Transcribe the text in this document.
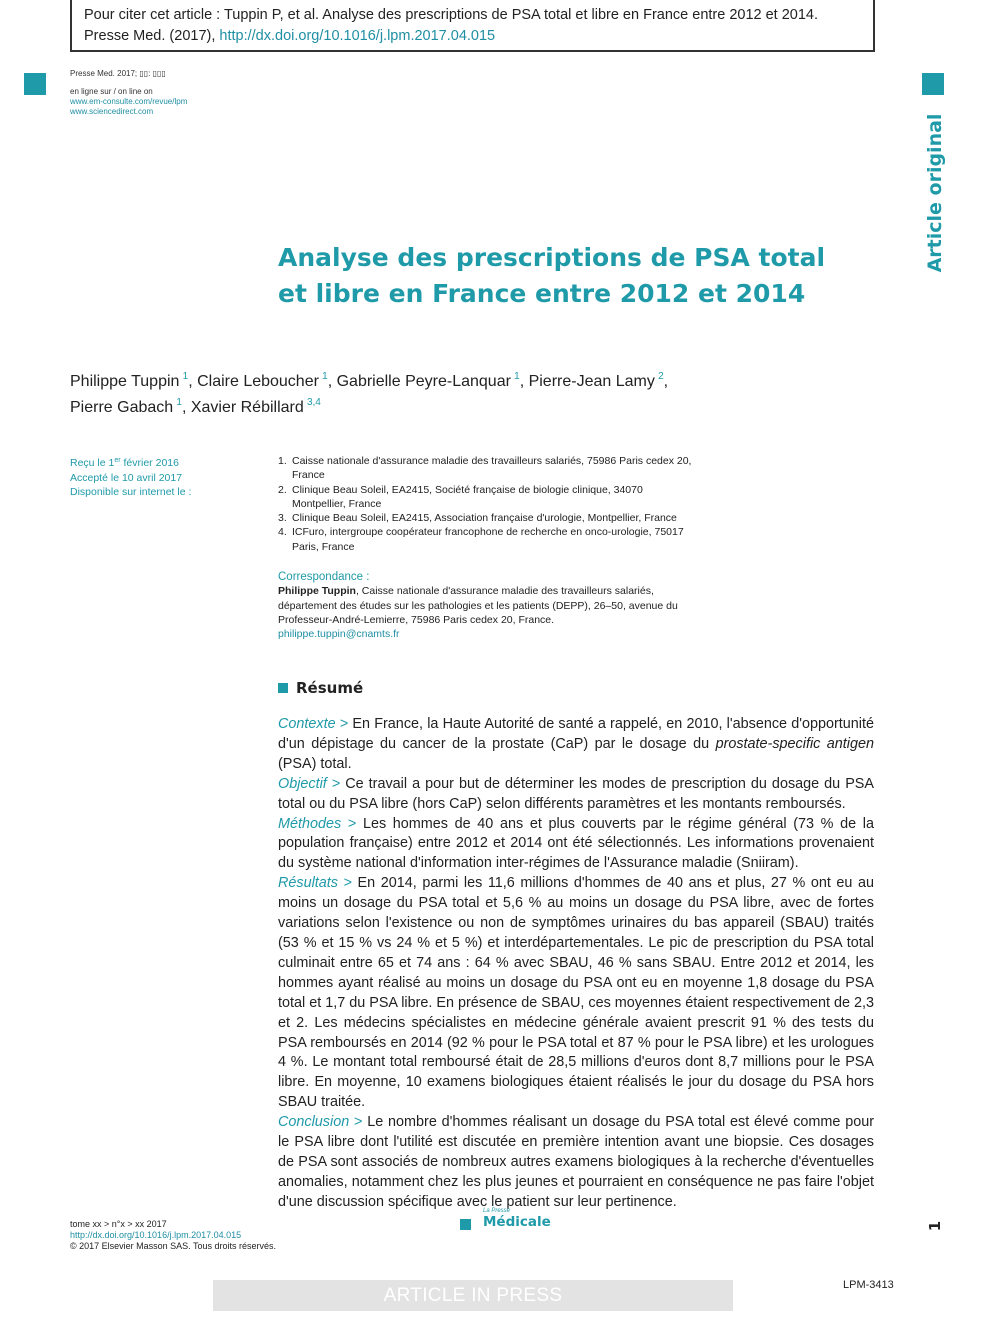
Pour citer cet article : Tuppin P, et al. Analyse des prescriptions de PSA total et libre en France entre 2012 et 2014. Presse Med. (2017), http://dx.doi.org/10.1016/j.lpm.2017.04.015
Presse Med. 2017; ▯▯: ▯▯▯
en ligne sur / on line on
www.em-consulte.com/revue/lpm
www.sciencedirect.com
Article original
Analyse des prescriptions de PSA total et libre en France entre 2012 et 2014
Philippe Tuppin  $^1$, Claire Leboucher  $^1$, Gabrielle Peyre-Lanquar  $^1$, Pierre-Jean Lamy  $^2$,
Pierre Gabach  $^1$, Xavier Rébillard  $^{3,4}$
Reçu le 1er février 2016
Accepté le 10 avril 2017
Disponible sur internet le :
1. Caisse nationale d'assurance maladie des travailleurs salariés, 75986 Paris cedex 20, France
2. Clinique Beau Soleil, EA2415, Société française de biologie clinique, 34070 Montpellier, France
3. Clinique Beau Soleil, EA2415, Association française d'urologie, Montpellier, France
4. ICFuro, intergroupe coopérateur francophone de recherche en onco-urologie, 75017 Paris, France
Correspondance :
Philippe Tuppin, Caisse nationale d'assurance maladie des travailleurs salariés, département des études sur les pathologies et les patients (DEPP), 26–50, avenue du Professeur-André-Lemierre, 75986 Paris cedex 20, France.
philippe.tuppin@cnamts.fr
Résumé
Contexte > En France, la Haute Autorité de santé a rappelé, en 2010, l'absence d'opportunité d'un dépistage du cancer de la prostate (CaP) par le dosage du prostate-specific antigen (PSA) total.
Objectif > Ce travail a pour but de déterminer les modes de prescription du dosage du PSA total ou du PSA libre (hors CaP) selon différents paramètres et les montants remboursés.
Méthodes > Les hommes de 40 ans et plus couverts par le régime général (73 % de la population française) entre 2012 et 2014 ont été sélectionnés. Les informations provenaient du système national d'information inter-régimes de l'Assurance maladie (Sniiram).
Résultats > En 2014, parmi les 11,6 millions d'hommes de 40 ans et plus, 27 % ont eu au moins un dosage du PSA total et 5,6 % au moins un dosage du PSA libre, avec de fortes variations selon l'existence ou non de symptômes urinaires du bas appareil (SBAU) traités (53 % et 15 % vs 24 % et 5 %) et interdépartementales. Le pic de prescription du PSA total culminait entre 65 et 74 ans : 64 % avec SBAU, 46 % sans SBAU. Entre 2012 et 2014, les hommes ayant réalisé au moins un dosage du PSA ont eu en moyenne 1,8 dosage du PSA total et 1,7 du PSA libre. En présence de SBAU, ces moyennes étaient respectivement de 2,3 et 2. Les médecins spécialistes en médecine générale avaient prescrit 91 % des tests du PSA remboursés en 2014 (92 % pour le PSA total et 87 % pour le PSA libre) et les urologues 4 %. Le montant total remboursé était de 28,5 millions d'euros dont 8,7 millions pour le PSA libre. En moyenne, 10 examens biologiques étaient réalisés le jour du dosage du PSA hors SBAU traitée.
Conclusion > Le nombre d'hommes réalisant un dosage du PSA total est élevé comme pour le PSA libre dont l'utilité est discutée en première intention avant une biopsie. Ces dosages de PSA sont associés de nombreux autres examens biologiques à la recherche d'éventuelles anomalies, notamment chez les plus jeunes et pourraient en conséquence ne pas faire l'objet d'une discussion spécifique avec le patient sur leur pertinence.
tome xx > n°x > xx 2017
http://dx.doi.org/10.1016/j.lpm.2017.04.015
© 2017 Elsevier Masson SAS. Tous droits réservés.
La Presse
Médicale	1
ARTICLE IN PRESS	LPM-3413
